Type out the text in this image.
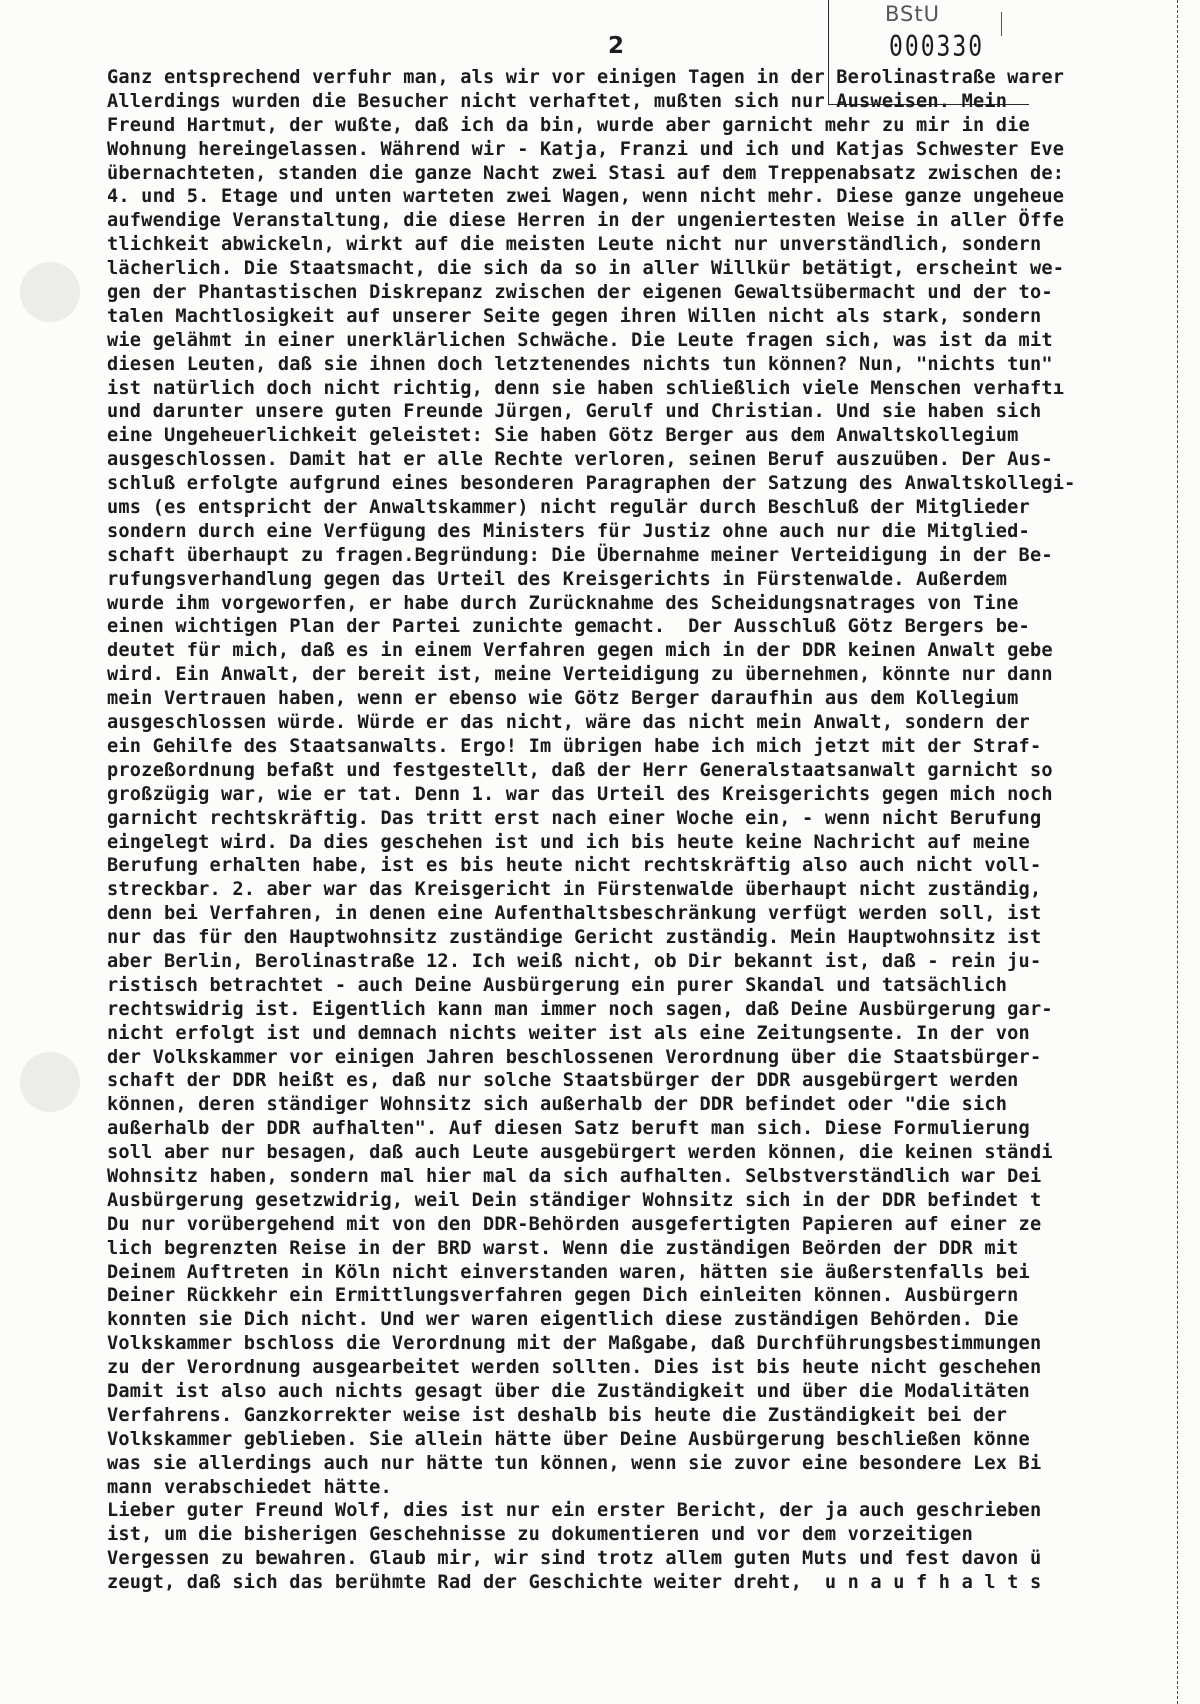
2
BStU
000330
Ganz entsprechend verfuhr man, als wir vor einigen Tagen in der Berolinastraße warer
Allerdings wurden die Besucher nicht verhaftet, mußten sich nur Ausweisen. Mein
Freund Hartmut, der wußte, daß ich da bin, wurde aber garnicht mehr zu mir in die
Wohnung hereingelassen. Während wir - Katja, Franzi und ich und Katjas Schwester Eve
übernachteten, standen die ganze Nacht zwei Stasi auf dem Treppenabsatz zwischen de:
4. und 5. Etage und unten warteten zwei Wagen, wenn nicht mehr. Diese ganze ungeheue
aufwendige Veranstaltung, die diese Herren in der ungeniertesten Weise in aller Öffe
tlichkeit abwickeln, wirkt auf die meisten Leute nicht nur unverständlich, sondern
lächerlich. Die Staatsmacht, die sich da so in aller Willkür betätigt, erscheint we-
gen der Phantastischen Diskrepanz zwischen der eigenen Gewaltsübermacht und der to-
talen Machtlosigkeit auf unserer Seite gegen ihren Willen nicht als stark, sondern
wie gelähmt in einer unerklärlichen Schwäche. Die Leute fragen sich, was ist da mit
diesen Leuten, daß sie ihnen doch letztenendes nichts tun können? Nun, "nichts tun"
ist natürlich doch nicht richtig, denn sie haben schließlich viele Menschen verhaftı
und darunter unsere guten Freunde Jürgen, Gerulf und Christian. Und sie haben sich
eine Ungeheuerlichkeit geleistet: Sie haben Götz Berger aus dem Anwaltskollegium
ausgeschlossen. Damit hat er alle Rechte verloren, seinen Beruf auszuüben. Der Aus-
schluß erfolgte aufgrund eines besonderen Paragraphen der Satzung des Anwaltskollegi-
ums (es entspricht der Anwaltskammer) nicht regulär durch Beschluß der Mitglieder
sondern durch eine Verfügung des Ministers für Justiz ohne auch nur die Mitglied-
schaft überhaupt zu fragen.Begründung: Die Übernahme meiner Verteidigung in der Be-
rufungsverhandlung gegen das Urteil des Kreisgerichts in Fürstenwalde. Außerdem
wurde ihm vorgeworfen, er habe durch Zurücknahme des Scheidungsnatrages von Tine
einen wichtigen Plan der Partei zunichte gemacht.  Der Ausschluß Götz Bergers be-
deutet für mich, daß es in einem Verfahren gegen mich in der DDR keinen Anwalt gebe
wird. Ein Anwalt, der bereit ist, meine Verteidigung zu übernehmen, könnte nur dann
mein Vertrauen haben, wenn er ebenso wie Götz Berger daraufhin aus dem Kollegium
ausgeschlossen würde. Würde er das nicht, wäre das nicht mein Anwalt, sondern der
ein Gehilfe des Staatsanwalts. Ergo! Im übrigen habe ich mich jetzt mit der Straf-
prozeßordnung befaßt und festgestellt, daß der Herr Generalstaatsanwalt garnicht so
großzügig war, wie er tat. Denn 1. war das Urteil des Kreisgerichts gegen mich noch
garnicht rechtskräftig. Das tritt erst nach einer Woche ein, - wenn nicht Berufung
eingelegt wird. Da dies geschehen ist und ich bis heute keine Nachricht auf meine
Berufung erhalten habe, ist es bis heute nicht rechtskräftig also auch nicht voll-
streckbar. 2. aber war das Kreisgericht in Fürstenwalde überhaupt nicht zuständig,
denn bei Verfahren, in denen eine Aufenthaltsbeschränkung verfügt werden soll, ist
nur das für den Hauptwohnsitz zuständige Gericht zuständig. Mein Hauptwohnsitz ist
aber Berlin, Berolinastraße 12. Ich weiß nicht, ob Dir bekannt ist, daß - rein ju-
ristisch betrachtet - auch Deine Ausbürgerung ein purer Skandal und tatsächlich
rechtswidrig ist. Eigentlich kann man immer noch sagen, daß Deine Ausbürgerung gar-
nicht erfolgt ist und demnach nichts weiter ist als eine Zeitungsente. In der von
der Volkskammer vor einigen Jahren beschlossenen Verordnung über die Staatsbürger-
schaft der DDR heißt es, daß nur solche Staatsbürger der DDR ausgebürgert werden
können, deren ständiger Wohnsitz sich außerhalb der DDR befindet oder "die sich
außerhalb der DDR aufhalten". Auf diesen Satz beruft man sich. Diese Formulierung
soll aber nur besagen, daß auch Leute ausgebürgert werden können, die keinen ständi
Wohnsitz haben, sondern mal hier mal da sich aufhalten. Selbstverständlich war Dei
Ausbürgerung gesetzwidrig, weil Dein ständiger Wohnsitz sich in der DDR befindet t
Du nur vorübergehend mit von den DDR-Behörden ausgefertigten Papieren auf einer ze
lich begrenzten Reise in der BRD warst. Wenn die zuständigen Beörden der DDR mit
Deinem Auftreten in Köln nicht einverstanden waren, hätten sie äußerstenfalls bei
Deiner Rückkehr ein Ermittlungsverfahren gegen Dich einleiten können. Ausbürgern
konnten sie Dich nicht. Und wer waren eigentlich diese zuständigen Behörden. Die
Volkskammer bschloss die Verordnung mit der Maßgabe, daß Durchführungsbestimmungen
zu der Verordnung ausgearbeitet werden sollten. Dies ist bis heute nicht geschehen
Damit ist also auch nichts gesagt über die Zuständigkeit und über die Modalitäten
Verfahrens. Ganzkorrekter weise ist deshalb bis heute die Zuständigkeit bei der
Volkskammer geblieben. Sie allein hätte über Deine Ausbürgerung beschließen könne
was sie allerdings auch nur hätte tun können, wenn sie zuvor eine besondere Lex Bi
mann verabschiedet hätte.
Lieber guter Freund Wolf, dies ist nur ein erster Bericht, der ja auch geschrieben
ist, um die bisherigen Geschehnisse zu dokumentieren und vor dem vorzeitigen
Vergessen zu bewahren. Glaub mir, wir sind trotz allem guten Muts und fest davon ü
zeugt, daß sich das berühmte Rad der Geschichte weiter dreht,  u n a u f h a l t s
